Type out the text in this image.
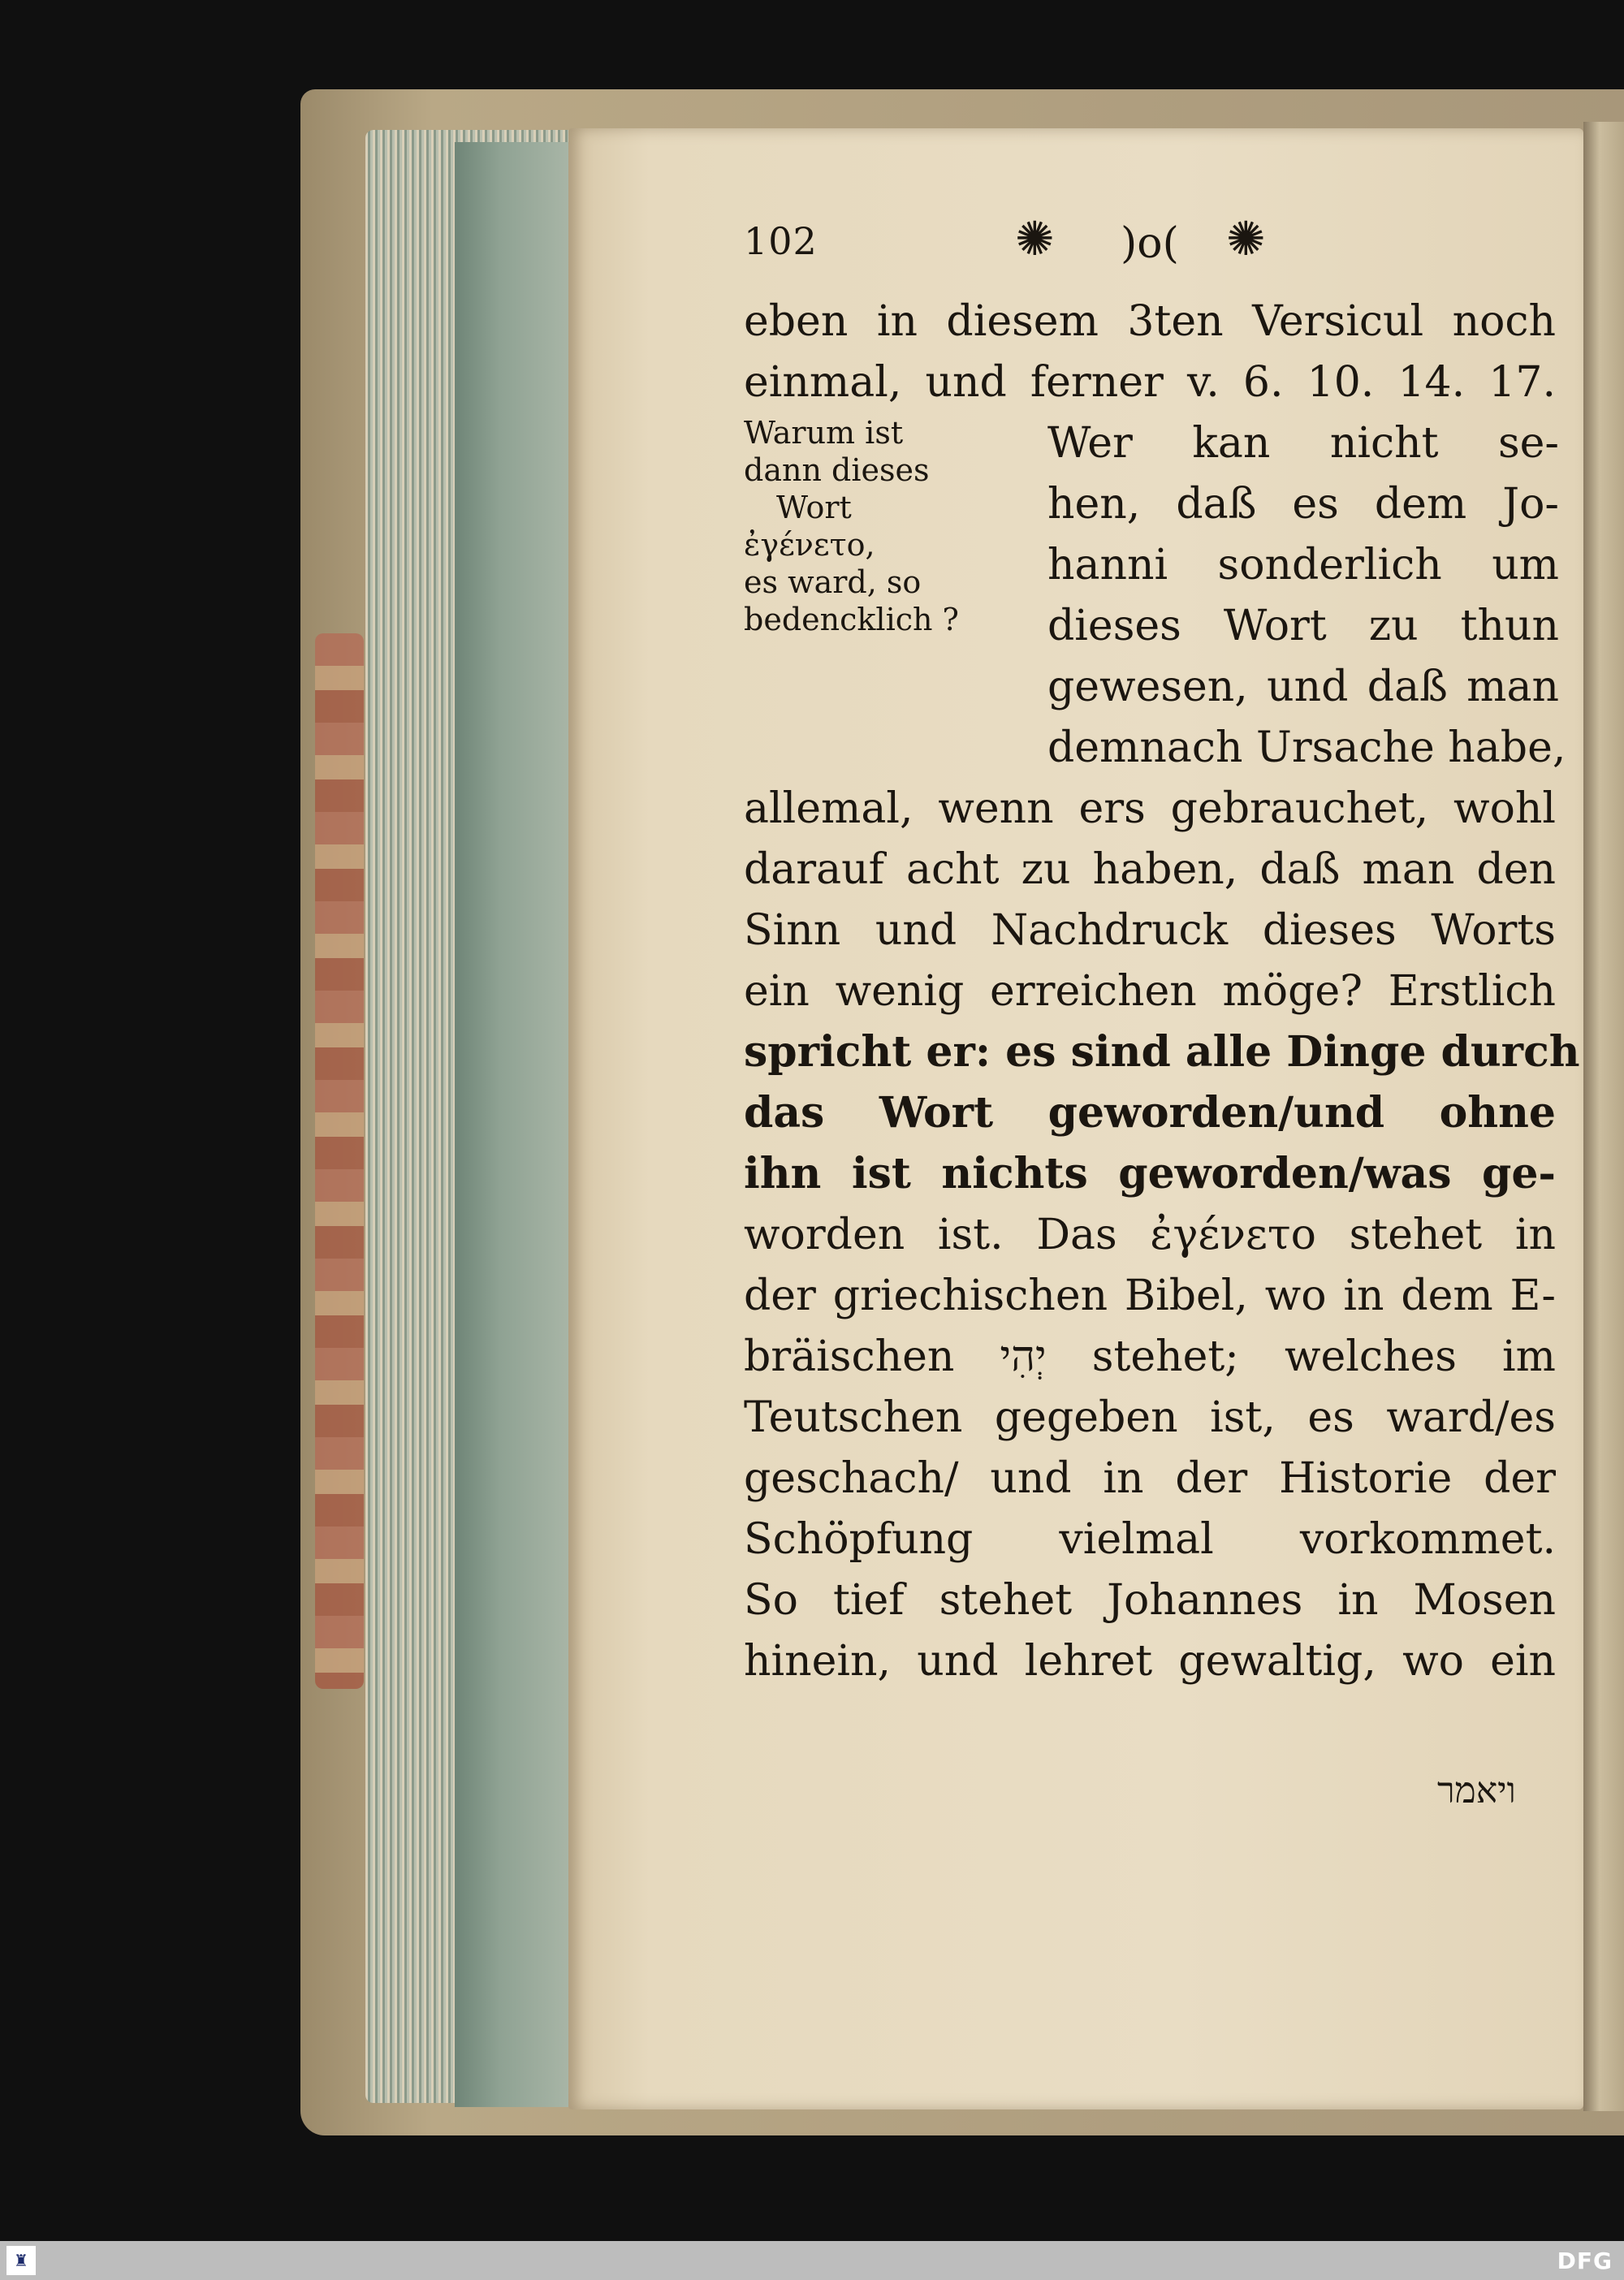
102	✺ )o( ✺
Warum ist
dann dieses
Wort
ἐγένετο,
es ward, so
bedencklich ?
eben in diesem 3ten Versicul noch
einmal, und ferner v. 6. 10. 14. 17.
Wer kan nicht se-
hen, daß es dem Jo-
hanni sonderlich um
dieses Wort zu thun
gewesen, und daß man
demnach Ursache habe,
allemal, wenn ers gebrauchet, wohl
darauf acht zu haben, daß man den
Sinn und Nachdruck dieses Worts
ein wenig erreichen möge? Erstlich
spricht er: es sind alle Dinge durch
das Wort geworden/und ohne
ihn ist nichts geworden/was ge-
worden ist. Das ἐγένετο stehet in
der griechischen Bibel, wo in dem E-
bräischen יְהִי stehet; welches im
Teutschen gegeben ist, es ward/es
geschach/ und in der Historie der
Schöpfung vielmal vorkommet.
So tief stehet Johannes in Mosen
hinein, und lehret gewaltig, wo ein
ויאמר
♜	DFG
